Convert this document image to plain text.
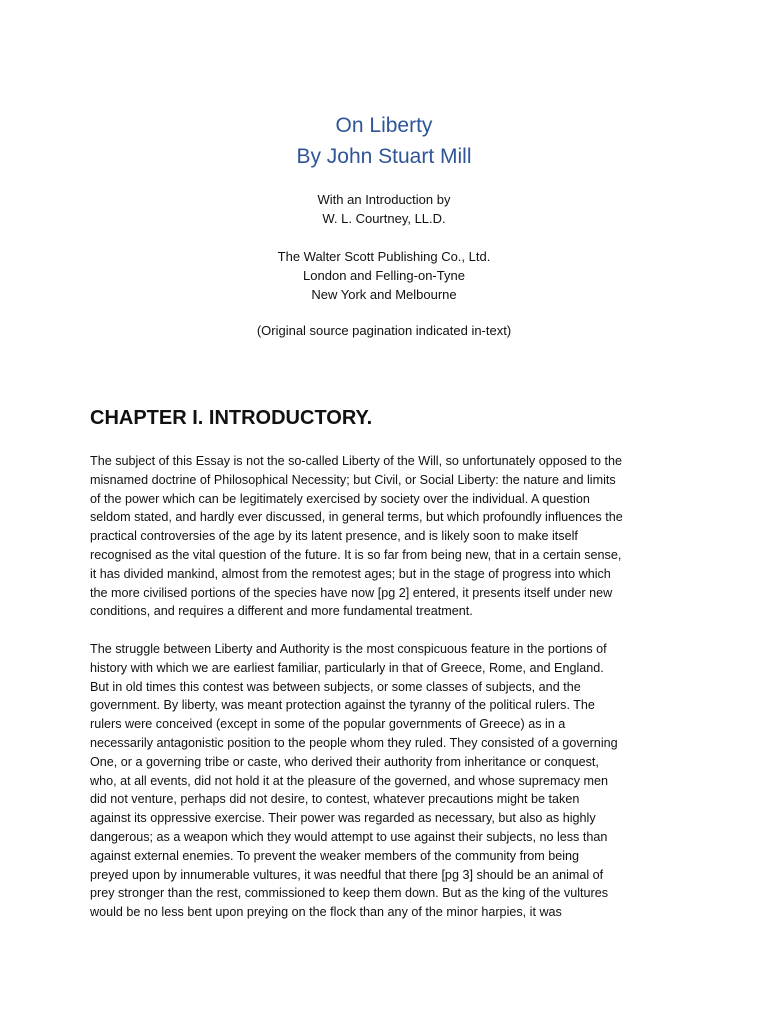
On Liberty
By John Stuart Mill
With an Introduction by
W. L. Courtney, LL.D.
The Walter Scott Publishing Co., Ltd.
London and Felling-on-Tyne
New York and Melbourne
(Original source pagination indicated in-text)
CHAPTER I. INTRODUCTORY.

The subject of this Essay is not the so-called Liberty of the Will, so unfortunately opposed to the
misnamed doctrine of Philosophical Necessity; but Civil, or Social Liberty: the nature and limits
of the power which can be legitimately exercised by society over the individual. A question
seldom stated, and hardly ever discussed, in general terms, but which profoundly influences the
practical controversies of the age by its latent presence, and is likely soon to make itself
recognised as the vital question of the future. It is so far from being new, that in a certain sense,
it has divided mankind, almost from the remotest ages; but in the stage of progress into which
the more civilised portions of the species have now [pg 2] entered, it presents itself under new
conditions, and requires a different and more fundamental treatment.

The struggle between Liberty and Authority is the most conspicuous feature in the portions of
history with which we are earliest familiar, particularly in that of Greece, Rome, and England.
But in old times this contest was between subjects, or some classes of subjects, and the
government. By liberty, was meant protection against the tyranny of the political rulers. The
rulers were conceived (except in some of the popular governments of Greece) as in a
necessarily antagonistic position to the people whom they ruled. They consisted of a governing
One, or a governing tribe or caste, who derived their authority from inheritance or conquest,
who, at all events, did not hold it at the pleasure of the governed, and whose supremacy men
did not venture, perhaps did not desire, to contest, whatever precautions might be taken
against its oppressive exercise. Their power was regarded as necessary, but also as highly
dangerous; as a weapon which they would attempt to use against their subjects, no less than
against external enemies. To prevent the weaker members of the community from being
preyed upon by innumerable vultures, it was needful that there [pg 3] should be an animal of
prey stronger than the rest, commissioned to keep them down. But as the king of the vultures
would be no less bent upon preying on the flock than any of the minor harpies, it was
